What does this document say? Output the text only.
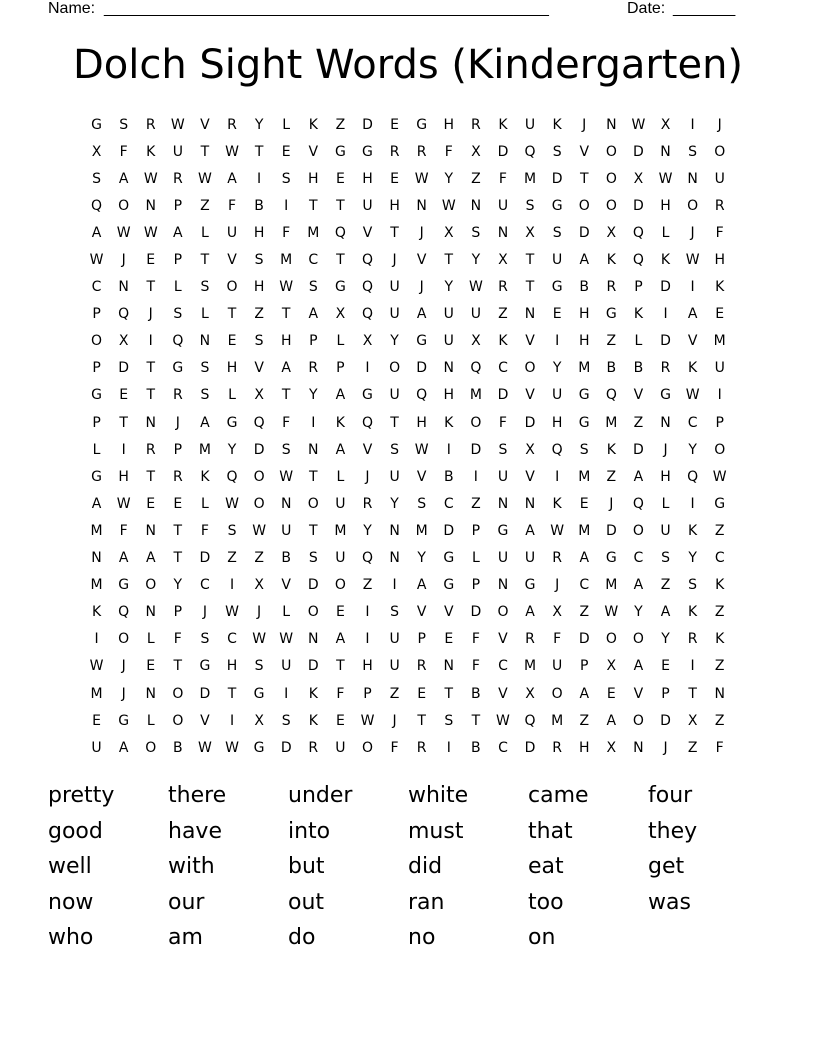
Name: __________________________________________________	Date: _______
Dolch Sight Words (Kindergarten)
G	S	R	W	V	R	Y	L	K	Z	D	E	G	H	R	K	U	K	J	N	W	X	I	J
X	F	K	U	T	W	T	E	V	G	G	R	R	F	X	D	Q	S	V	O	D	N	S	O
S	A	W	R	W	A	I	S	H	E	H	E	W	Y	Z	F	M	D	T	O	X	W	N	U
Q	O	N	P	Z	F	B	I	T	T	U	H	N	W	N	U	S	G	O	O	D	H	O	R
A	W W	A	L	U	H	F	M	Q	V	T	J	X	S	N	X	S	D	X	Q	L	J	F
W	J	E	P	T	V	S	M	C	T	Q	J	V	T	Y	X	T	U	A	K	Q	K	W	H
C	N	T	L	S	O	H	W	S	G	Q	U	J	Y	W	R	T	G	B	R	P	D	I	K
P	Q	J	S	L	T	Z	T	A	X	Q	U	A	U	U	Z	N	E	H	G	K	I	A	E
O	X	I	Q	N	E	S	H	P	L	X	Y	G	U	X	K	V	I	H	Z	L	D	V	M
P	D	T	G	S	H	V	A	R	P	I	O	D	N	Q	C	O	Y	M	B	B	R	K	U
G	E	T	R	S	L	X	T	Y	A	G	U	Q	H	M	D	V	U	G	Q	V	G	W	I
P	T	N	J	A	G	Q	F	I	K	Q	T	H	K	O	F	D	H	G	M	Z	N	C	P
L	I	R	P	M	Y	D	S	N	A	V	S	W	I	D	S	X	Q	S	K	D	J	Y	O
G	H	T	R	K	Q	O	W	T	L	J	U	V	B	I	U	V	I	M	Z	A	H	Q	W
A	W	E	E	L	W	O	N	O	U	R	Y	S	C	Z	N	N	K	E	J	Q	L	I	G
M	F	N	T	F	S	W	U	T	M	Y	N	M	D	P	G	A	W	M	D	O	U	K	Z
N	A	A	T	D	Z	Z	B	S	U	Q	N	Y	G	L	U	U	R	A	G	C	S	Y	C
M	G	O	Y	C	I	X	V	D	O	Z	I	A	G	P	N	G	J	C	M	A	Z	S	K
K	Q	N	P	J	W	J	L	O	E	I	S	V	V	D	O	A	X	Z	W	Y	A	K	Z
I	O	L	F	S	C	W W	N	A	I	U	P	E	F	V	R	F	D	O	O	Y	R	K
W	J	E	T	G	H	S	U	D	T	H	U	R	N	F	C	M	U	P	X	A	E	I	Z
M	J	N	O	D	T	G	I	K	F	P	Z	E	T	B	V	X	O	A	E	V	P	T	N
E	G	L	O	V	I	X	S	K	E	W	J	T	S	T	W	Q	M	Z	A	O	D	X	Z
U	A	O	B	W W	G	D	R	U	O	F	R	I	B	C	D	R	H	X	N	J	Z	F
pretty	there	under	white	came	four
good	have	into	must	that	they
well	with	but	did	eat	get
now	our	out	ran	too	was
who	am	do	no	on
